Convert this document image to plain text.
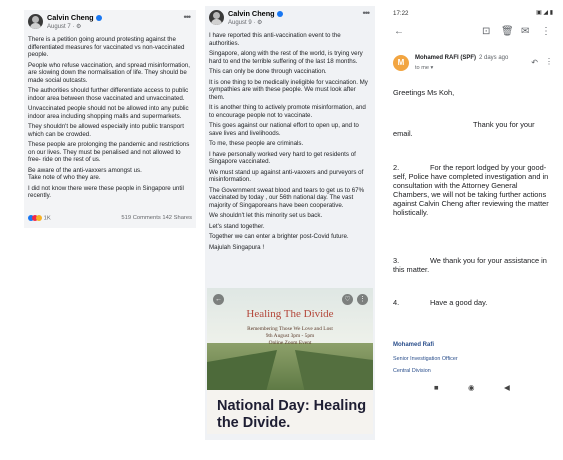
Calvin Cheng
August 7 · ⚙
•••
There is a petition going around protesting against the differentiated measures for vaccinated vs non-vaccinated people.
People who refuse vaccination, and spread misinformation, are slowing down the normalisation of life. They should be made social outcasts.
The authorities should further differentiate access to public indoor area between those vaccinated and unvaccinated.
Unvaccinated people should not be allowed into any public indoor area including shopping malls and supermarkets.
They shouldn't be allowed especially into public transport which can be crowded.
These people are prolonging the pandemic and restrictions on our lives. They must be penalised and not allowed to free- ride on the rest of us.
Be aware of the anti-vaxxers amongst us.
Take note of who they are.
I did not know there were these people in Singapore until recently.
1K	519 Comments 142 Shares
Calvin Cheng
August 9 · ⚙
•••
I have reported this anti-vaccination event to the authorities.
Singapore, along with the rest of the world, is trying very hard to end the terrible suffering of the last 18 months.
This can only be done through vaccination.
It is one thing to be medically ineligible for vaccination. My sympathies are with these people. We must look after them.
It is another thing to actively promote misinformation, and to encourage people not to vaccinate.
This goes against our national effort to open up, and to save lives and livelihoods.
To me, these people are criminals.
I have personally worked very hard to get residents of Singapore vaccinated.
We must stand up against anti-vaxxers and purveyors of misinformation.
The Government sweat blood and tears to get us to 67% vaccinated by today , our 56th national day. The vast majority of Singaporeans have been cooperative.
We shouldn't let this minority set us back.
Let's stand together.
Together we can enter a brighter post-Covid future.
Majulah Singapura !
Healing The Divide
Remembering Those We Love and Lost
9th August 3pm - 5pm
Online Zoom Event
←	♡	⋮
National Day: Healing the Divide.
17:22	▣ ◢ ▮
←	⊡ 🗑 ✉ ⋮
M	Mohamed RAFI (SPF) 2 days ago
to me ▾
↶ ⋮
Greetings Ms Koh,
Thank you for your email.
2.               For the report lodged by your good-self, Police have completed investigation and in consultation with the Attorney General Chambers, we will not be taking further actions against Calvin Cheng after reviewing the matter holistically.
3.               We thank you for your assistance in this matter.
4.               Have a good day.
Mohamed Rafi
Senior Investigation Officer
Central Division
■	◉	◀
